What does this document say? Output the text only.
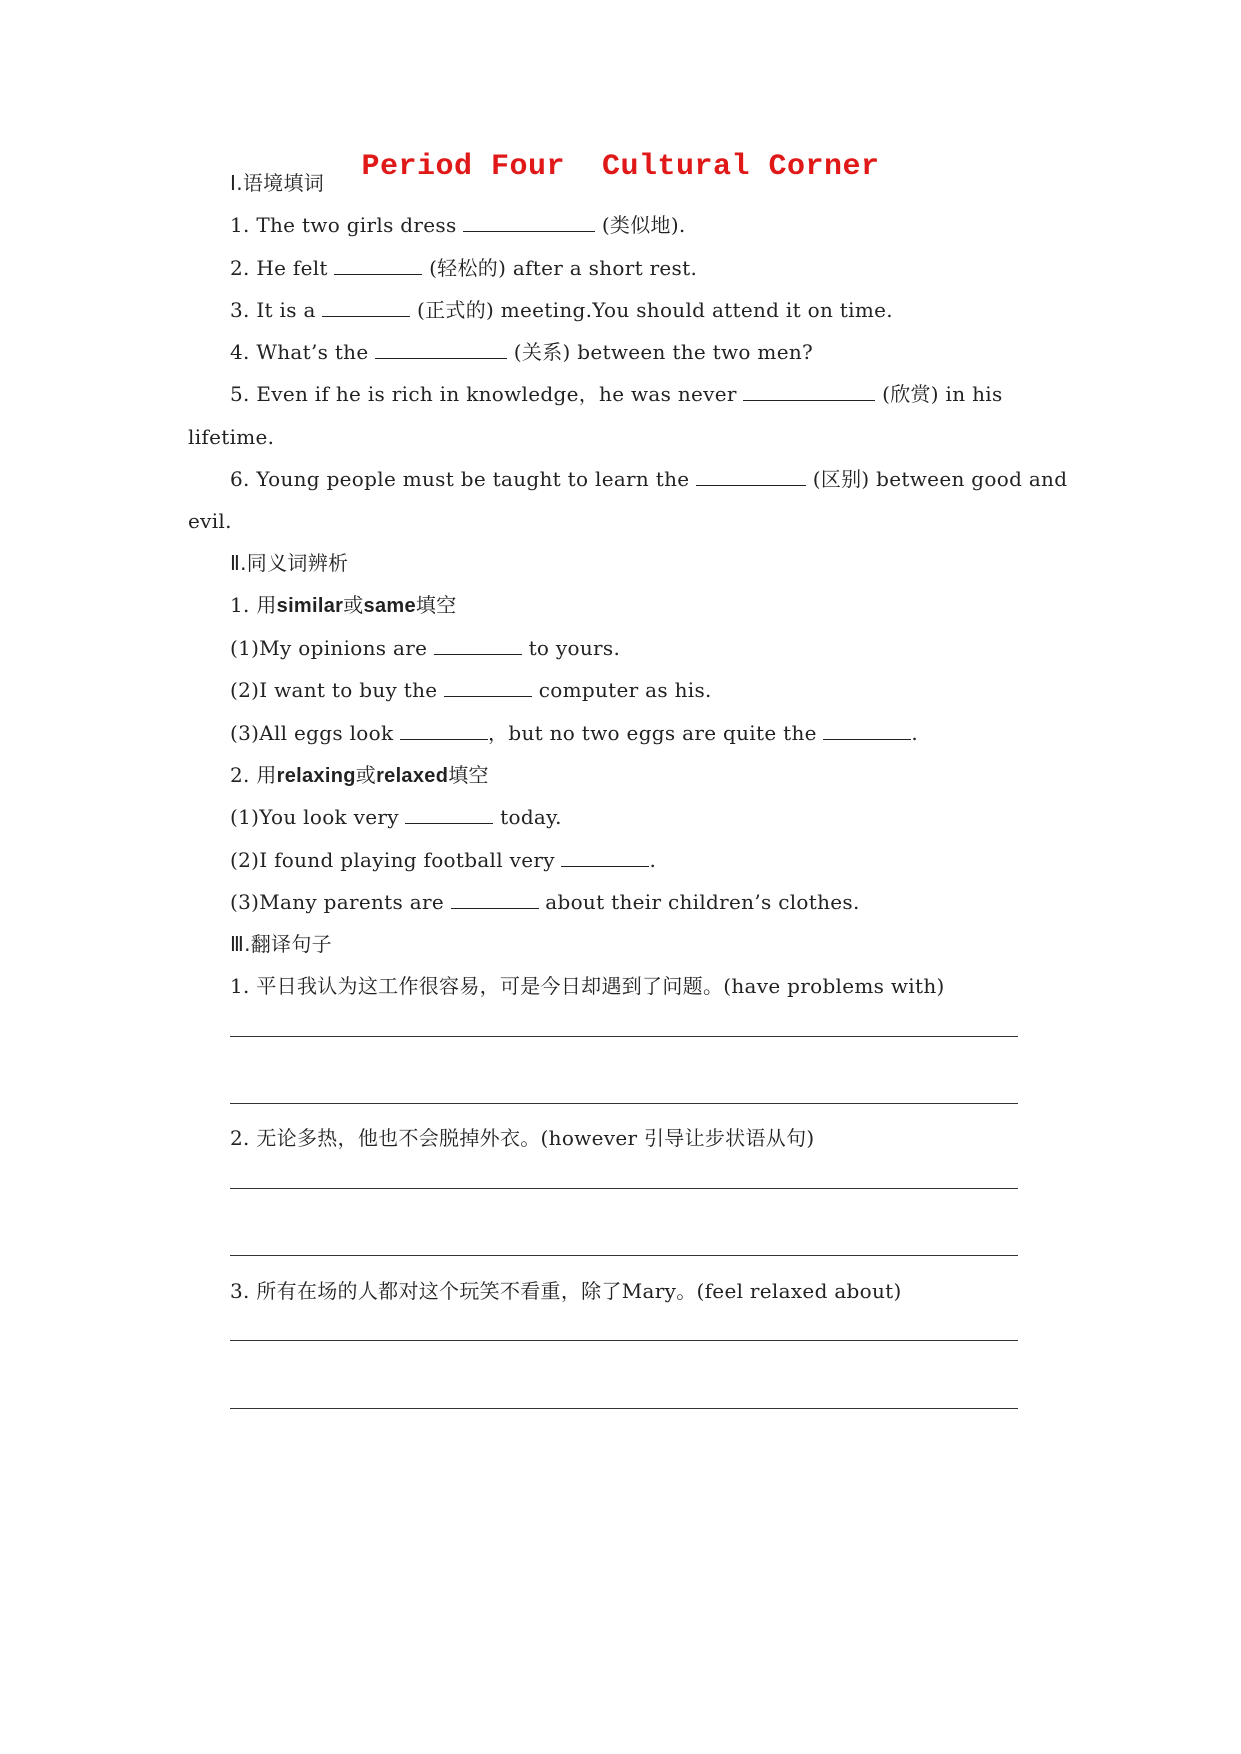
Period Four  Cultural Corner
Ⅰ.语境填词
1. The two girls dress	(类似地).
2. He felt	(轻松的) after a short rest.
3. It is a	(正式的) meeting.You should attend it on time.
4. What’s the	(关系) between the two men?
5. Even if he is rich in knowledge，he was never	(欣赏) in his
lifetime.
6. Young people must be taught to learn the	(区别) between good and
evil.
Ⅱ.同义词辨析
1. 用similar或same填空
(1)My opinions are	to yours.
(2)I want to buy the	computer as his.
(3)All eggs look	，but no two eggs are quite the	.
2. 用relaxing或relaxed填空
(1)You look very	today.
(2)I found playing football very	.
(3)Many parents are	about their children’s clothes.
Ⅲ.翻译句子
1. 平日我认为这工作很容易，可是今日却遇到了问题。(have problems with)
2. 无论多热，他也不会脱掉外衣。(however 引导让步状语从句)
3. 所有在场的人都对这个玩笑不看重，除了Mary。(feel relaxed about)
